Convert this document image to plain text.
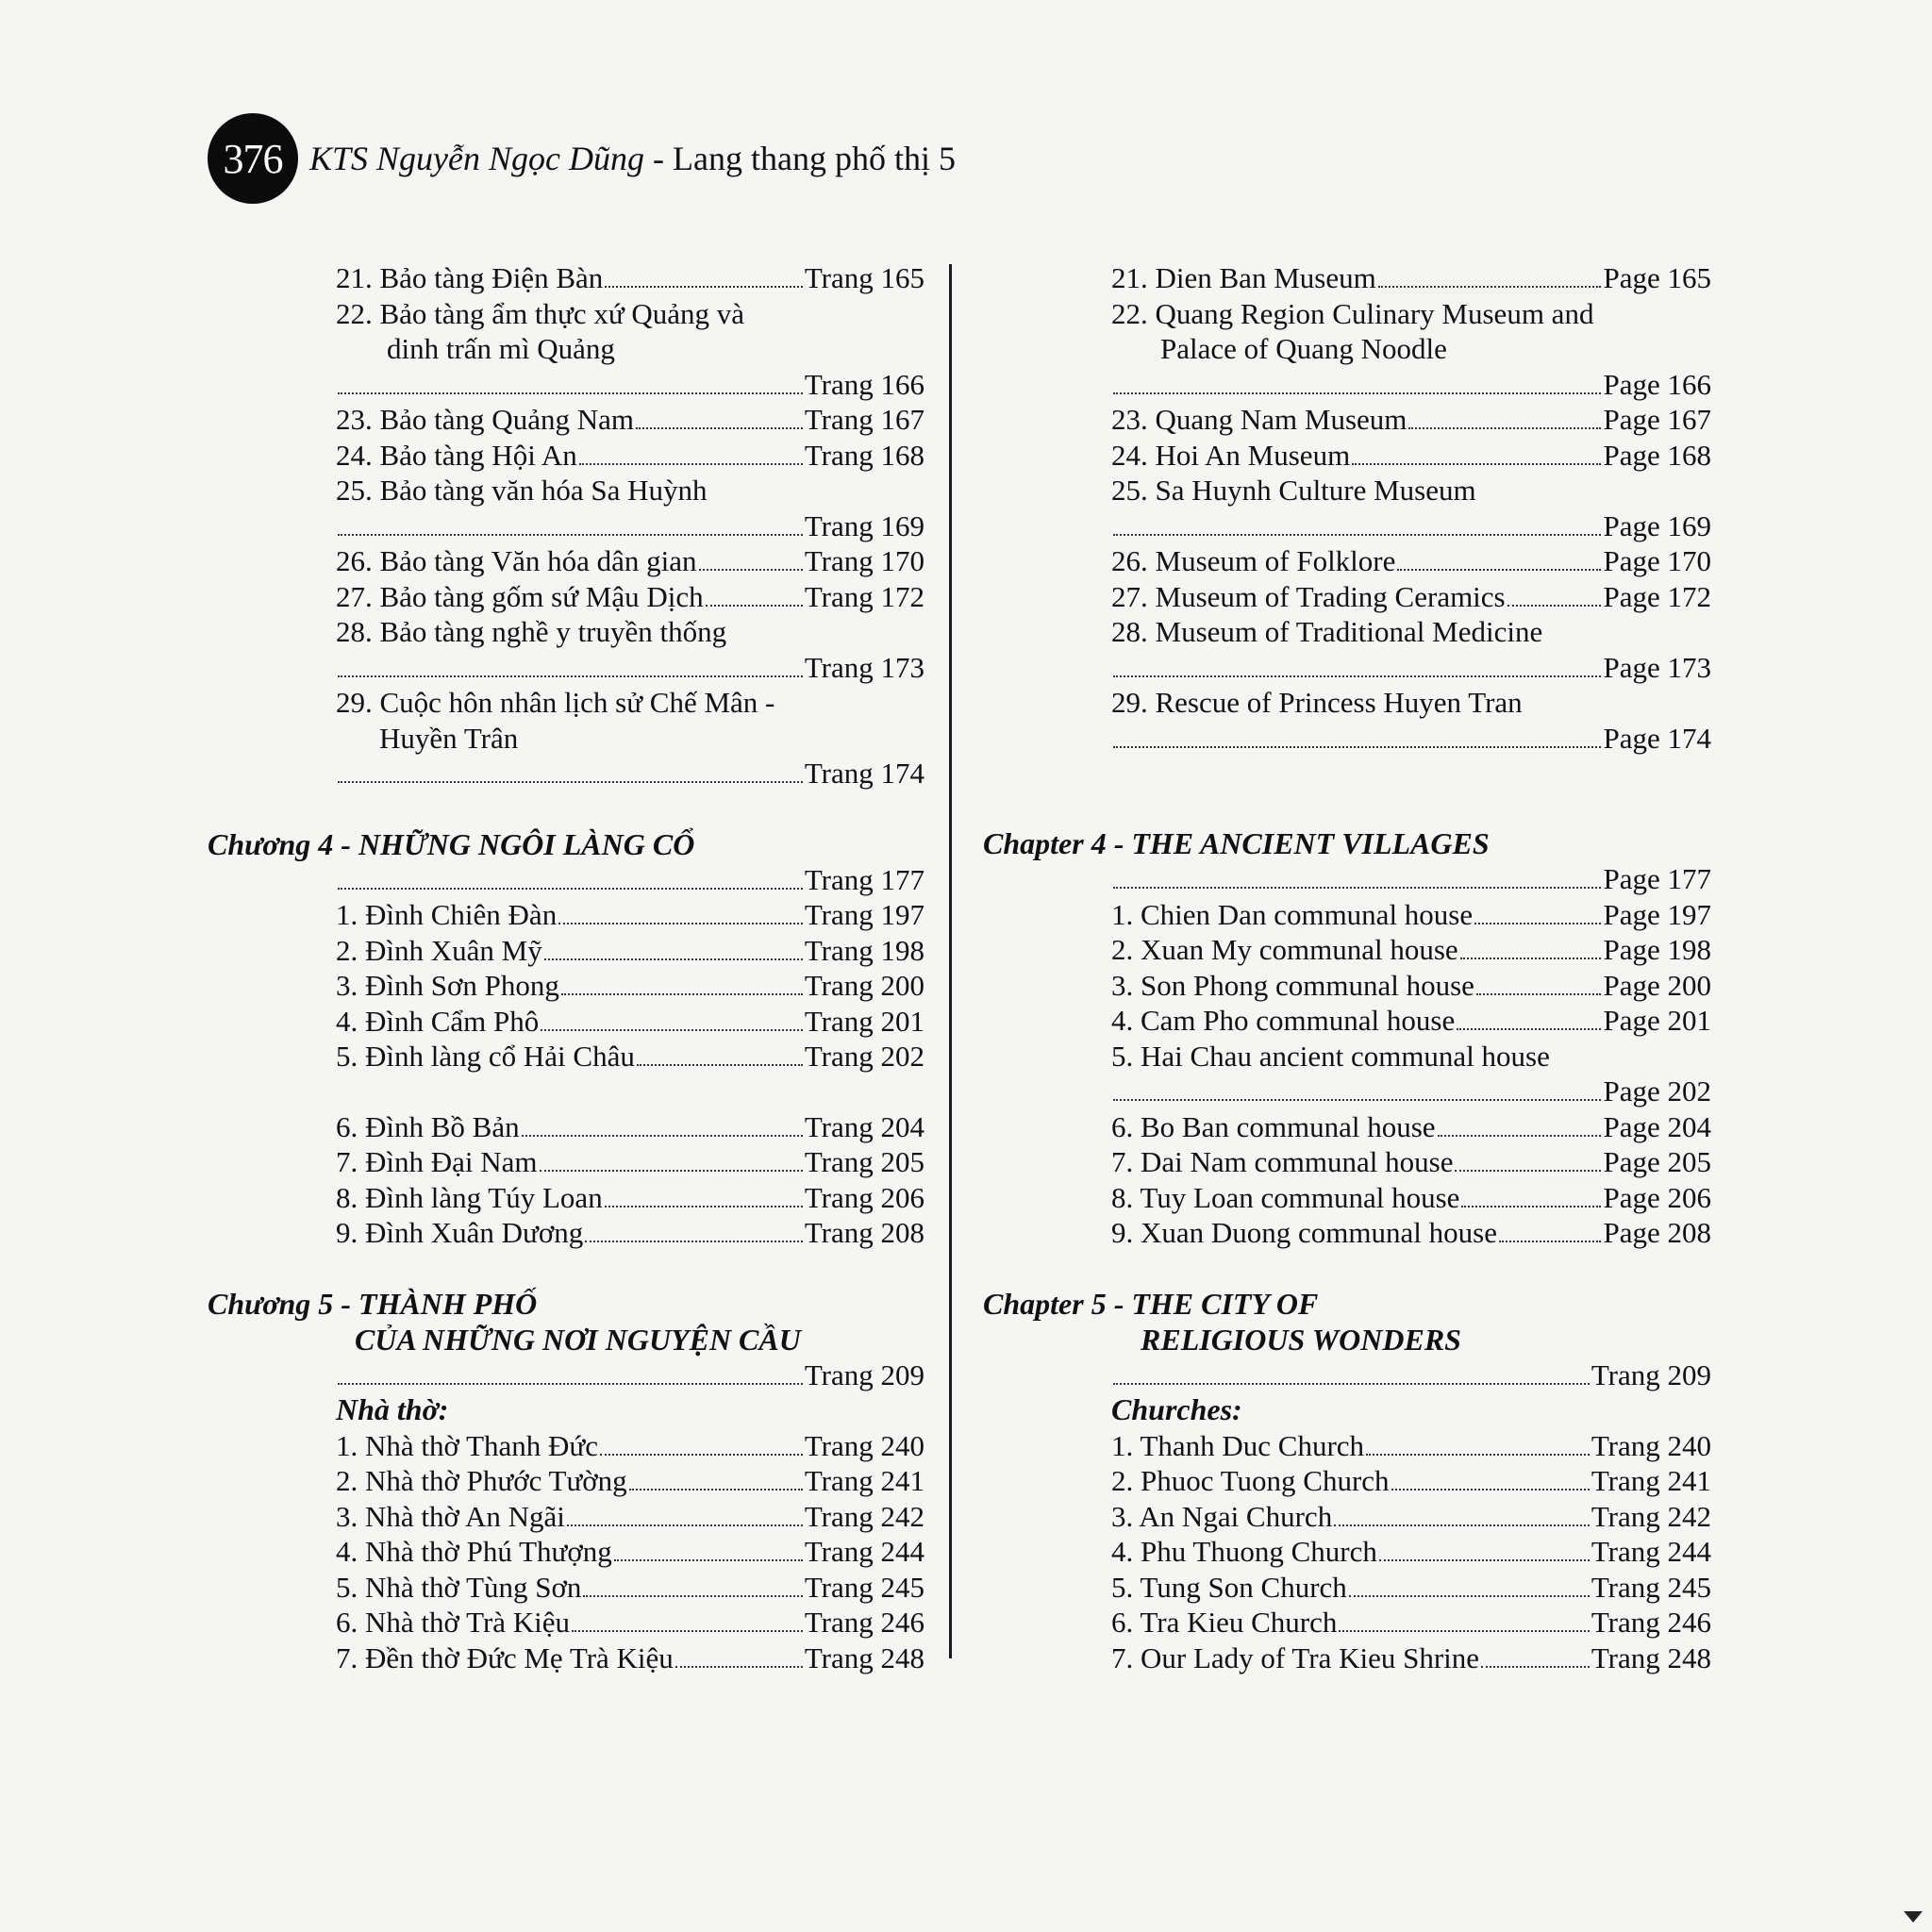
376 KTS Nguyễn Ngọc Dũng - Lang thang phố thị 5
21. Bảo tàng Điện Bàn	Trang 165
22. Bảo tàng ẩm thực xứ Quảng và
dinh trấn mì Quảng
Trang 166
23. Bảo tàng Quảng Nam	Trang 167
24. Bảo tàng Hội An	Trang 168
25. Bảo tàng văn hóa Sa Huỳnh
Trang 169
26. Bảo tàng Văn hóa dân gian	Trang 170
27. Bảo tàng gốm sứ Mậu Dịch	Trang 172
28. Bảo tàng nghề y truyền thống
Trang 173
29. Cuộc hôn nhân lịch sử Chế Mân -
Huyền Trân
Trang 174
Chương 4 - NHỮNG NGÔI LÀNG CỔ
Trang 177
1. Đình Chiên Đàn	Trang 197
2. Đình Xuân Mỹ	Trang 198
3. Đình Sơn Phong	Trang 200
4. Đình Cẩm Phô	Trang 201
5. Đình làng cổ Hải Châu	Trang 202
6. Đình Bồ Bản	Trang 204
7. Đình Đại Nam	Trang 205
8. Đình làng Túy Loan	Trang 206
9. Đình Xuân Dương	Trang 208
Chương 5 - THÀNH PHỐ
CỦA NHỮNG NƠI NGUYỆN CẦU
Trang 209
Nhà thờ:
1. Nhà thờ Thanh Đức	Trang 240
2. Nhà thờ Phước Tường	Trang 241
3. Nhà thờ An Ngãi	Trang 242
4. Nhà thờ Phú Thượng	Trang 244
5. Nhà thờ Tùng Sơn	Trang 245
6. Nhà thờ Trà Kiệu	Trang 246
7. Đền thờ Đức Mẹ Trà Kiệu	Trang 248
21. Dien Ban Museum	Page 165
22. Quang Region Culinary Museum and
Palace of Quang Noodle
Page 166
23. Quang Nam Museum	Page 167
24. Hoi An Museum	Page 168
25. Sa Huynh Culture Museum
Page 169
26. Museum of Folklore	Page 170
27. Museum of Trading Ceramics	Page 172
28. Museum of Traditional Medicine
Page 173
29. Rescue of Princess Huyen Tran
Page 174
Chapter 4 - THE ANCIENT VILLAGES
Page 177
1. Chien Dan communal house	Page 197
2. Xuan My communal house	Page 198
3. Son Phong communal house	Page 200
4. Cam Pho communal house	Page 201
5. Hai Chau ancient communal house
Page 202
6. Bo Ban communal house	Page 204
7. Dai Nam communal house	Page 205
8. Tuy Loan communal house	Page 206
9. Xuan Duong communal house	Page 208
Chapter 5 - THE CITY OF
RELIGIOUS WONDERS
Trang 209
Churches:
1. Thanh Duc Church	Trang 240
2. Phuoc Tuong Church	Trang 241
3. An Ngai Church	Trang 242
4. Phu Thuong Church	Trang 244
5. Tung Son Church	Trang 245
6. Tra Kieu Church	Trang 246
7. Our Lady of Tra Kieu Shrine	Trang 248
